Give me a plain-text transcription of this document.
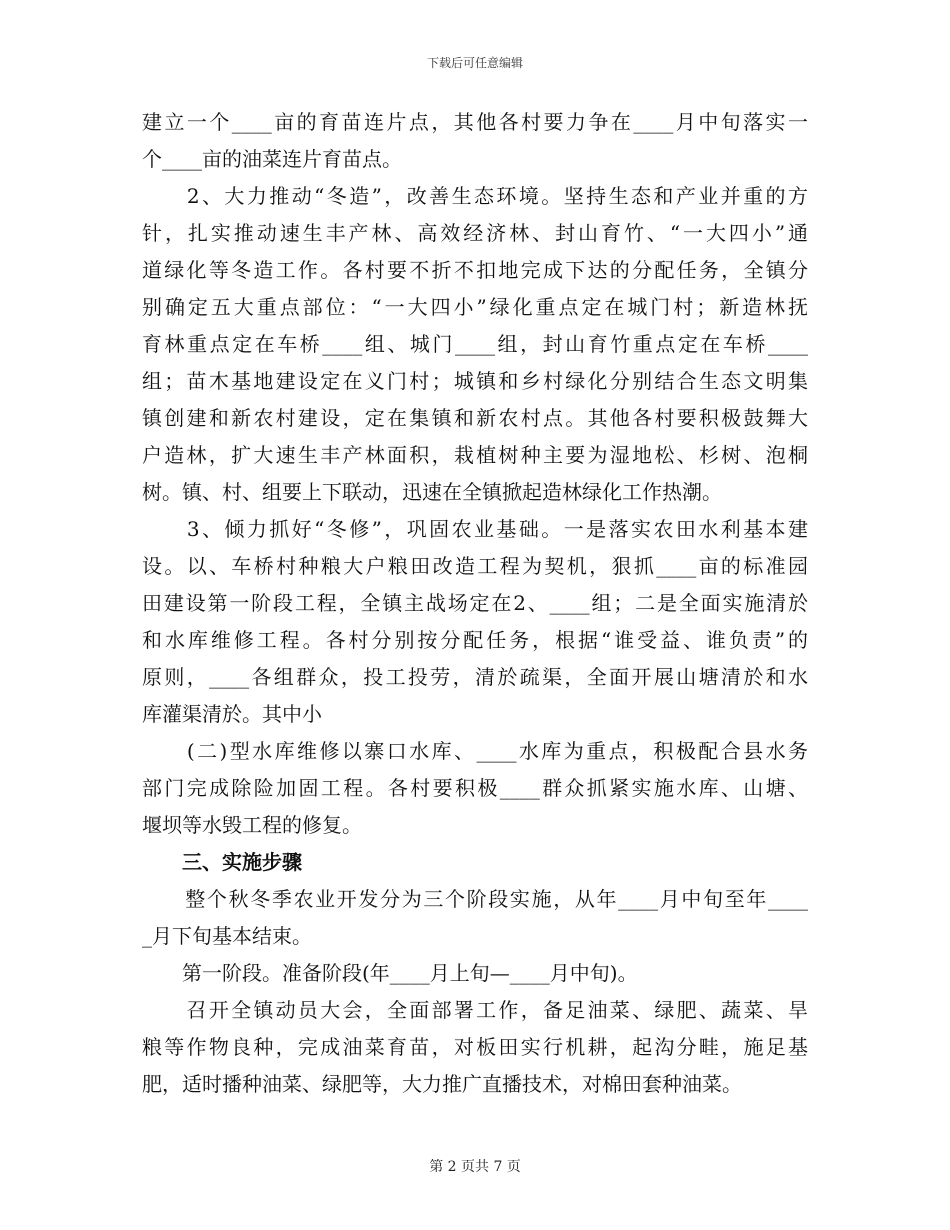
下载后可任意编辑
建立一个____亩的育苗连片点，其他各村要力争在____月中旬落实一
个____亩的油菜连片育苗点。
　　2、大力推动“冬造”，改善生态环境。坚持生态和产业并重的方
针，扎实推动速生丰产林、高效经济林、封山育竹、“一大四小”通
道绿化等冬造工作。各村要不折不扣地完成下达的分配任务，全镇分
别确定五大重点部位：“一大四小”绿化重点定在城门村；新造林抚
育林重点定在车桥____组、城门____组，封山育竹重点定在车桥____
组；苗木基地建设定在义门村；城镇和乡村绿化分别结合生态文明集
镇创建和新农村建设，定在集镇和新农村点。其他各村要积极鼓舞大
户造林，扩大速生丰产林面积，栽植树种主要为湿地松、杉树、泡桐
树。镇、村、组要上下联动，迅速在全镇掀起造林绿化工作热潮。
　　3、倾力抓好“冬修”，巩固农业基础。一是落实农田水利基本建
设。以、车桥村种粮大户粮田改造工程为契机，狠抓____亩的标准园
田建设第一阶段工程，全镇主战场定在2、____组；二是全面实施清於
和水库维修工程。各村分别按分配任务，根据“谁受益、谁负责”的
原则，____各组群众，投工投劳，清於疏渠，全面开展山塘清於和水
库灌渠清於。其中小
　　(二)型水库维修以寨口水库、____水库为重点，积极配合县水务
部门完成除险加固工程。各村要积极____群众抓紧实施水库、山塘、
堰坝等水毁工程的修复。
　　三、实施步骤
　　整个秋冬季农业开发分为三个阶段实施，从年____月中旬至年____
_月下旬基本结束。
　　第一阶段。准备阶段(年____月上旬—____月中旬)。
　　召开全镇动员大会，全面部署工作，备足油菜、绿肥、蔬菜、旱
粮等作物良种，完成油菜育苗，对板田实行机耕，起沟分畦，施足基
肥，适时播种油菜、绿肥等，大力推广直播技术，对棉田套种油菜。
第 2 页共 7 页
